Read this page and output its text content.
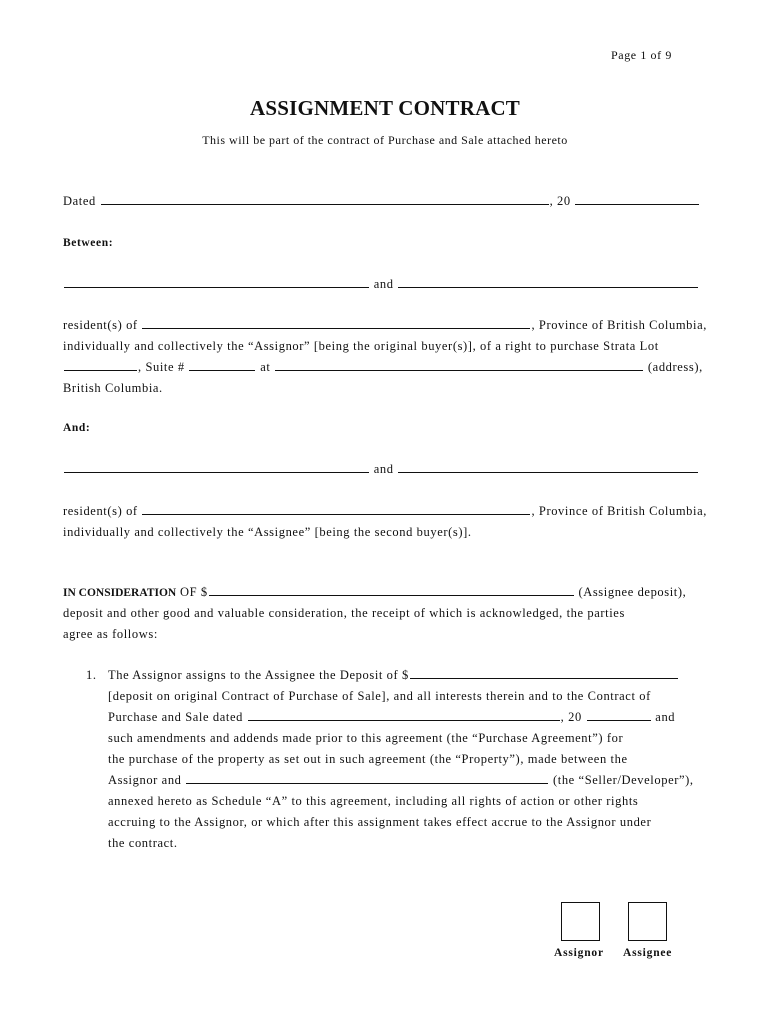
Page 1 of 9
ASSIGNMENT CONTRACT
This will be part of the contract of Purchase and Sale attached hereto
Dated	, 20
Between:
and
resident(s) of	, Province of British Columbia,
individually and collectively the “Assignor” [being the original buyer(s)], of a right to purchase Strata Lot
, Suite #	at	(address),
British Columbia.
And:
and
resident(s) of	, Province of British Columbia,
individually and collectively the “Assignee” [being the second buyer(s)].
IN CONSIDERATION OF $	(Assignee deposit),
deposit and other good and valuable consideration, the receipt of which is acknowledged, the parties
agree as follows:
1. The Assignor assigns to the Assignee the Deposit of $
[deposit on original Contract of Purchase of Sale], and all interests therein and to the Contract of
Purchase and Sale dated	, 20	and
such amendments and addends made prior to this agreement (the “Purchase Agreement”) for
the purchase of the property as set out in such agreement (the “Property”), made between the
Assignor and	(the “Seller/Developer”),
annexed hereto as Schedule “A” to this agreement, including all rights of action or other rights
accruing to the Assignor, or which after this assignment takes effect accrue to the Assignor under
the contract.
Assignor Assignee
